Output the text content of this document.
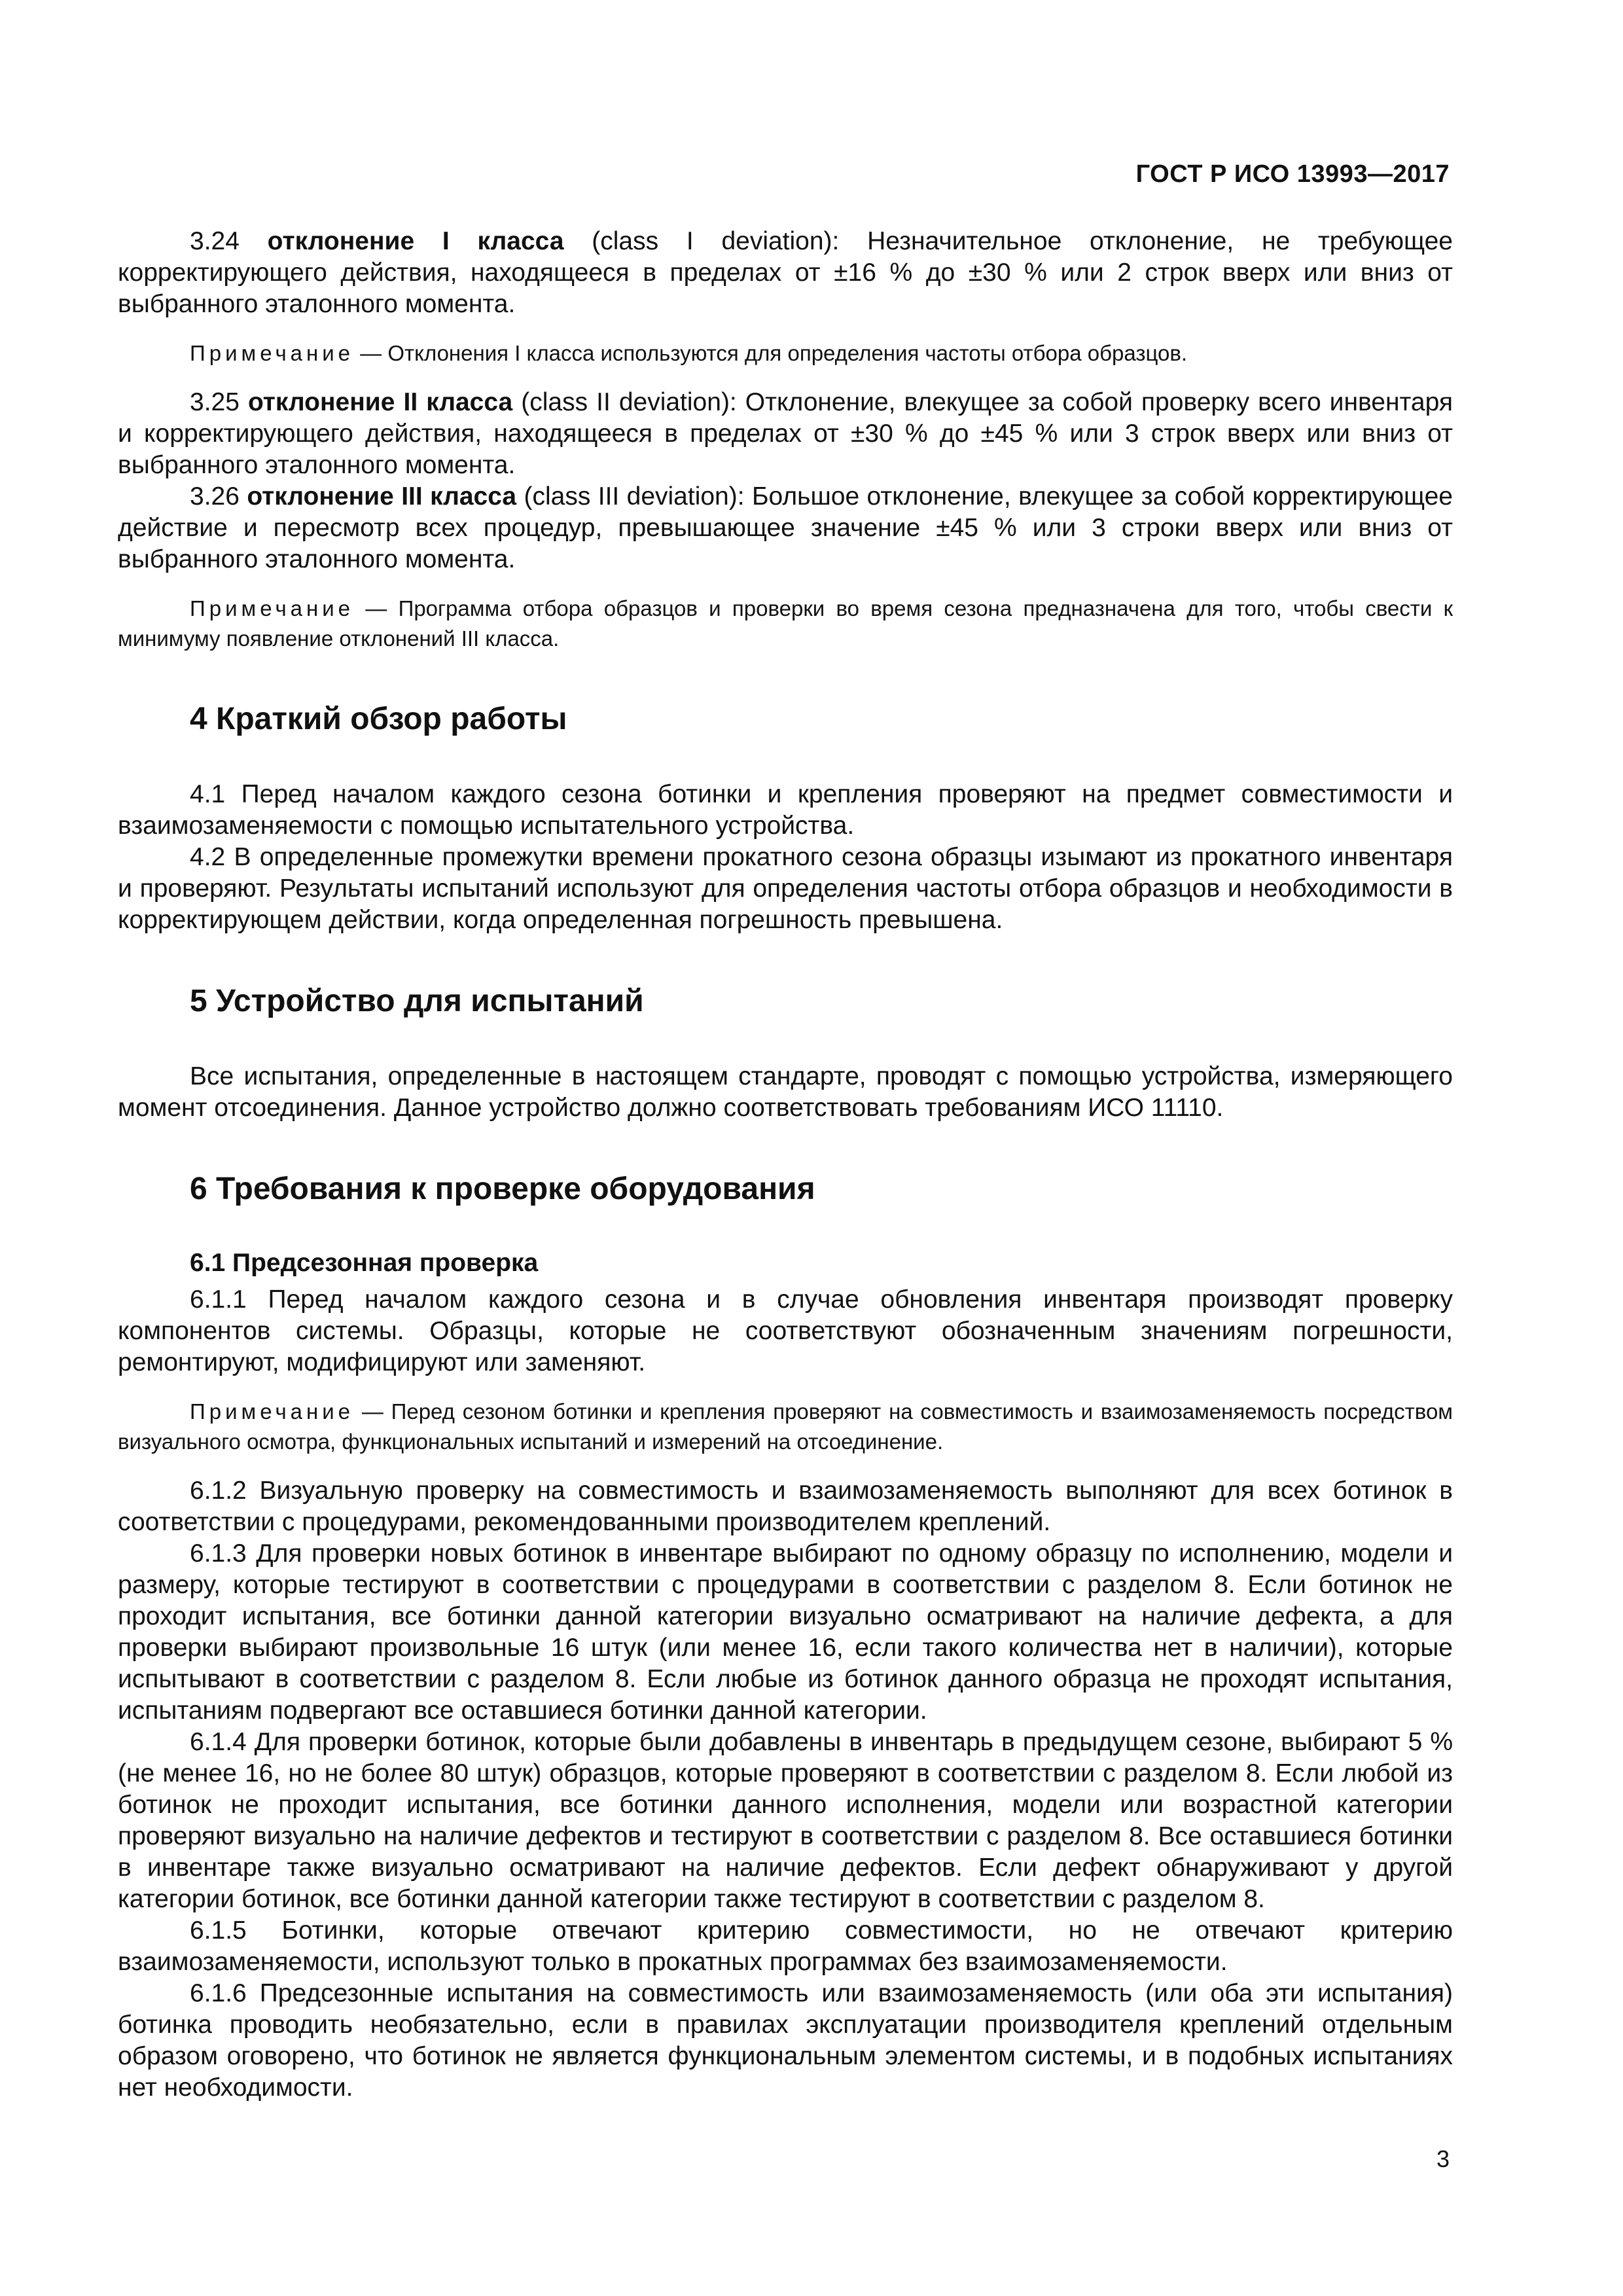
ГОСТ Р ИСО 13993—2017

3.24 отклонение I класса (class I deviation): Незначительное отклонение, не требующее корректирующего действия, находящееся в пределах от ±16 % до ±30 % или 2 строк вверх или вниз от выбранного эталонного момента.

Примечание — Отклонения I класса используются для определения частоты отбора образцов.

3.25 отклонение II класса (class II deviation): Отклонение, влекущее за собой проверку всего инвентаря и корректирующего действия, находящееся в пределах от ±30 % до ±45 % или 3 строк вверх или вниз от выбранного эталонного момента.

3.26 отклонение III класса (class III deviation): Большое отклонение, влекущее за собой корректирующее действие и пересмотр всех процедур, превышающее значение ±45 % или 3 строки вверх или вниз от выбранного эталонного момента.

Примечание — Программа отбора образцов и проверки во время сезона предназначена для того, чтобы свести к минимуму появление отклонений III класса.

4 Краткий обзор работы

4.1 Перед началом каждого сезона ботинки и крепления проверяют на предмет совместимости и взаимозаменяемости с помощью испытательного устройства.

4.2 В определенные промежутки времени прокатного сезона образцы изымают из прокатного инвентаря и проверяют. Результаты испытаний используют для определения частоты отбора образцов и необходимости в корректирующем действии, когда определенная погрешность превышена.

5 Устройство для испытаний

Все испытания, определенные в настоящем стандарте, проводят с помощью устройства, измеряющего момент отсоединения. Данное устройство должно соответствовать требованиям ИСО 11110.

6 Требования к проверке оборудования
6.1 Предсезонная проверка

6.1.1 Перед началом каждого сезона и в случае обновления инвентаря производят проверку компонентов системы. Образцы, которые не соответствуют обозначенным значениям погрешности, ремонтируют, модифицируют или заменяют.

Примечание — Перед сезоном ботинки и крепления проверяют на совместимость и взаимозаменяемость посредством визуального осмотра, функциональных испытаний и измерений на отсоединение.

6.1.2 Визуальную проверку на совместимость и взаимозаменяемость выполняют для всех ботинок в соответствии с процедурами, рекомендованными производителем креплений.

6.1.3 Для проверки новых ботинок в инвентаре выбирают по одному образцу по исполнению, модели и размеру, которые тестируют в соответствии с процедурами в соответствии с разделом 8. Если ботинок не проходит испытания, все ботинки данной категории визуально осматривают на наличие дефекта, а для проверки выбирают произвольные 16 штук (или менее 16, если такого количества нет в наличии), которые испытывают в соответствии с разделом 8. Если любые из ботинок данного образца не проходят испытания, испытаниям подвергают все оставшиеся ботинки данной категории.

6.1.4 Для проверки ботинок, которые были добавлены в инвентарь в предыдущем сезоне, выбирают 5 % (не менее 16, но не более 80 штук) образцов, которые проверяют в соответствии с разделом 8. Если любой из ботинок не проходит испытания, все ботинки данного исполнения, модели или возрастной категории проверяют визуально на наличие дефектов и тестируют в соответствии с разделом 8. Все оставшиеся ботинки в инвентаре также визуально осматривают на наличие дефектов. Если дефект обнаруживают у другой категории ботинок, все ботинки данной категории также тестируют в соответствии с разделом 8.

6.1.5 Ботинки, которые отвечают критерию совместимости, но не отвечают критерию взаимозаменяемости, используют только в прокатных программах без взаимозаменяемости.

6.1.6 Предсезонные испытания на совместимость или взаимозаменяемость (или оба эти испытания) ботинка проводить необязательно, если в правилах эксплуатации производителя креплений отдельным образом оговорено, что ботинок не является функциональным элементом системы, и в подобных испытаниях нет необходимости.

3
